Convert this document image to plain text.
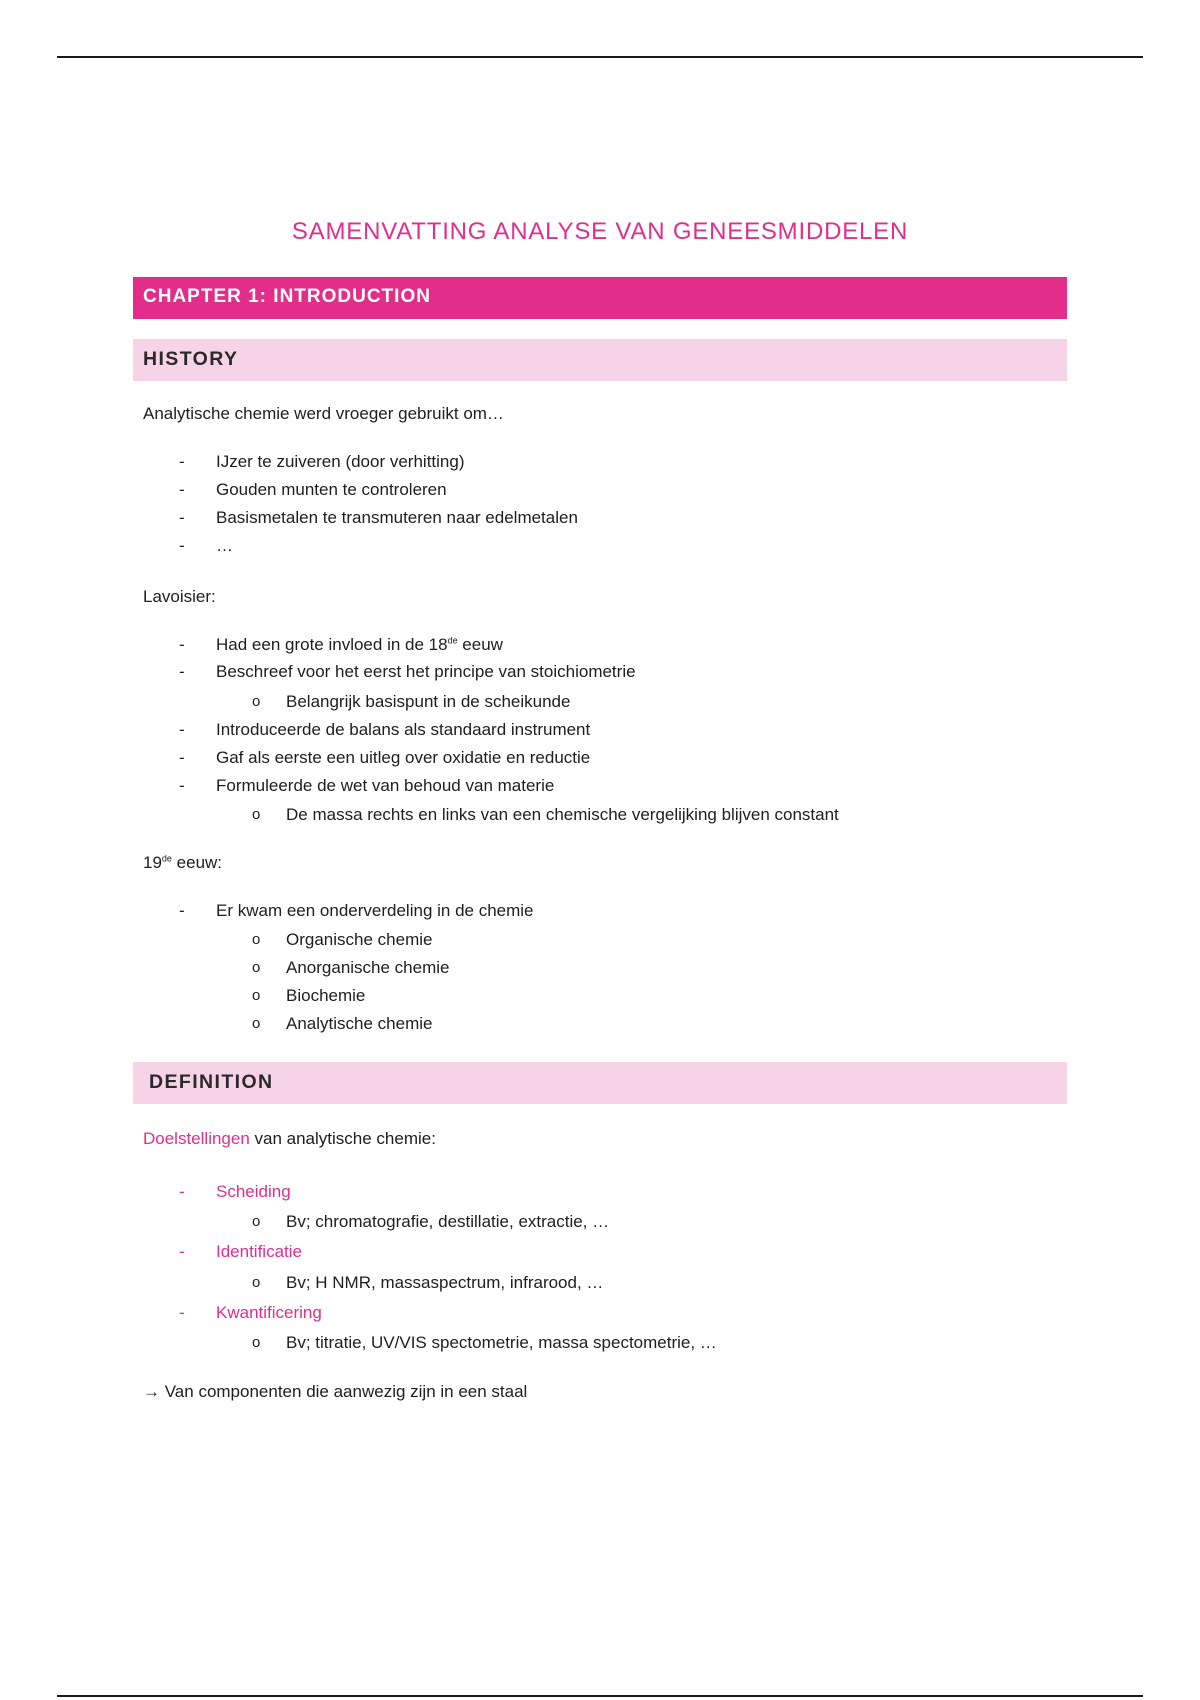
SAMENVATTING ANALYSE VAN GENEESMIDDELEN
CHAPTER 1: INTRODUCTION
HISTORY
Analytische chemie werd vroeger gebruikt om…
- IJzer te zuiveren (door verhitting)
- Gouden munten te controleren
- Basismetalen te transmuteren naar edelmetalen
- …
Lavoisier:
- Had een grote invloed in de 18de eeuw
- Beschreef voor het eerst het principe van stoichiometrie
o Belangrijk basispunt in de scheikunde
- Introduceerde de balans als standaard instrument
- Gaf als eerste een uitleg over oxidatie en reductie
- Formuleerde de wet van behoud van materie
o De massa rechts en links van een chemische vergelijking blijven constant
19de eeuw:
- Er kwam een onderverdeling in de chemie
o Organische chemie
o Anorganische chemie
o Biochemie
o Analytische chemie
DEFINITION
Doelstellingen van analytische chemie:
- Scheiding
o Bv; chromatografie, destillatie, extractie, …
- Identificatie
o Bv; H NMR, massaspectrum, infrarood, …
- Kwantificering
o Bv; titratie, UV/VIS spectometrie, massa spectometrie, …
→ Van componenten die aanwezig zijn in een staal
